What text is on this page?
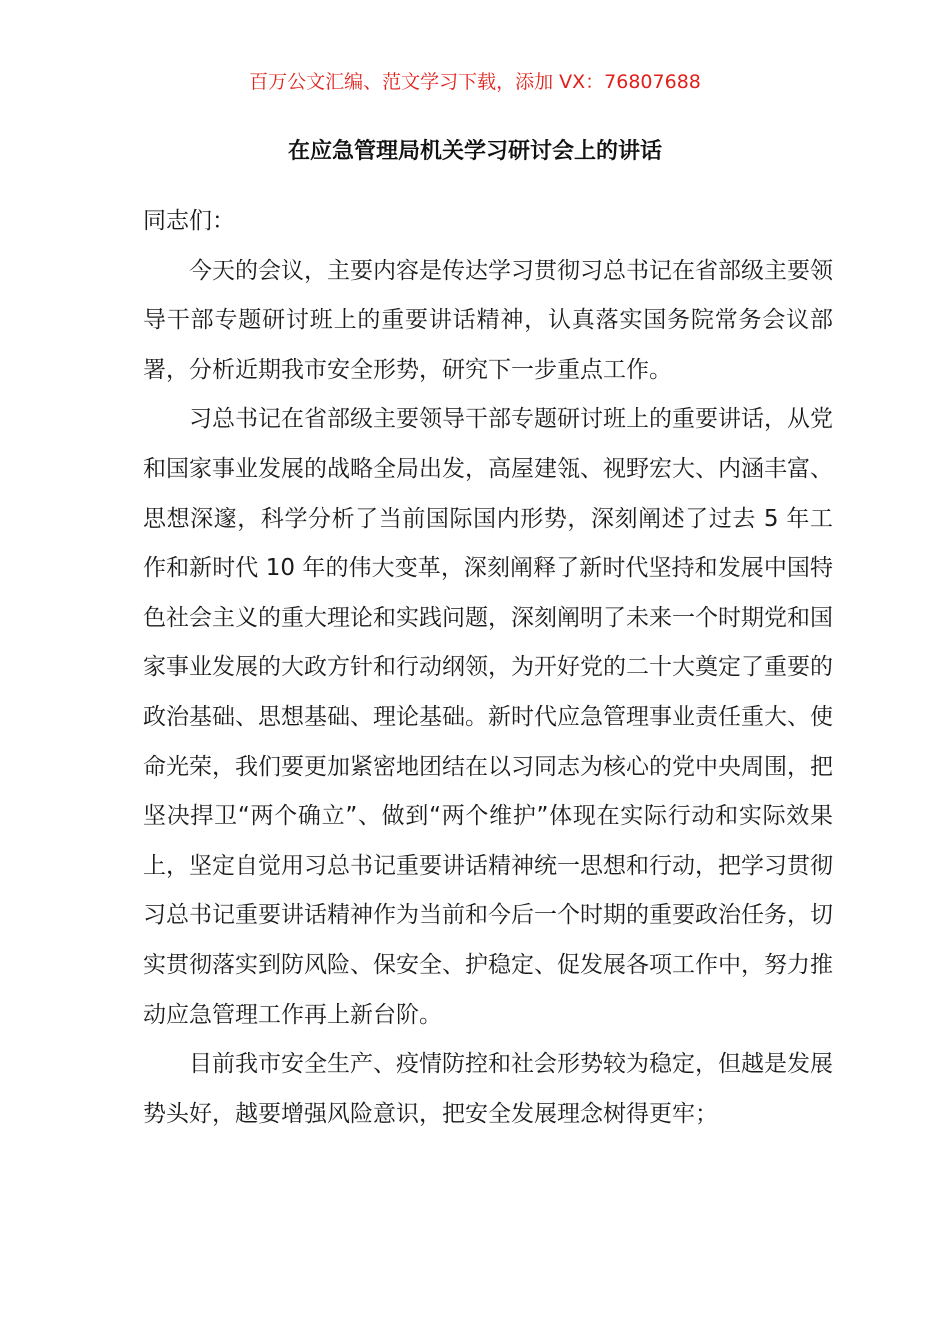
百万公文汇编、范文学习下载，添加 VX：76807688
在应急管理局机关学习研讨会上的讲话

同志们：

今天的会议，主要内容是传达学习贯彻习总书记在省部级主要领导干部专题研讨班上的重要讲话精神，认真落实国务院常务会议部署，分析近期我市安全形势，研究下一步重点工作。

习总书记在省部级主要领导干部专题研讨班上的重要讲话，从党和国家事业发展的战略全局出发，高屋建瓴、视野宏大、内涵丰富、思想深邃，科学分析了当前国际国内形势，深刻阐述了过去 5 年工作和新时代 10 年的伟大变革，深刻阐释了新时代坚持和发展中国特色社会主义的重大理论和实践问题，深刻阐明了未来一个时期党和国家事业发展的大政方针和行动纲领，为开好党的二十大奠定了重要的政治基础、思想基础、理论基础。新时代应急管理事业责任重大、使命光荣，我们要更加紧密地团结在以习同志为核心的党中央周围，把坚决捍卫“两个确立”、做到“两个维护”体现在实际行动和实际效果上，坚定自觉用习总书记重要讲话精神统一思想和行动，把学习贯彻习总书记重要讲话精神作为当前和今后一个时期的重要政治任务，切实贯彻落实到防风险、保安全、护稳定、促发展各项工作中，努力推动应急管理工作再上新台阶。

目前我市安全生产、疫情防控和社会形势较为稳定，但越是发展势头好，越要增强风险意识，把安全发展理念树得更牢；
